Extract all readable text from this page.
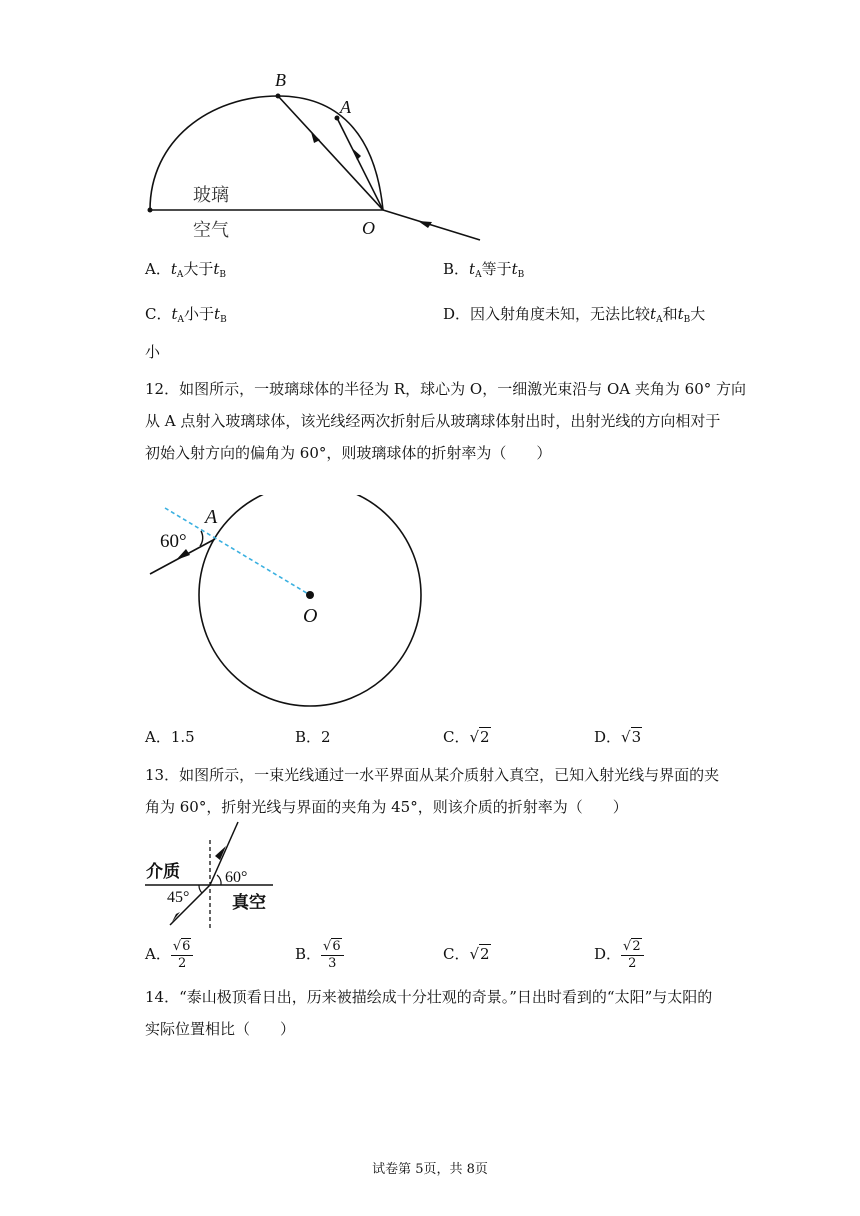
B
A
O
玻璃
空气
A．$t_A$大于$t_B$	B．$t_A$等于$t_B$
C．$t_A$小于$t_B$	D．因入射角度未知，无法比较$t_A$和$t_B$大
小
12．如图所示，一玻璃球体的半径为 R，球心为 O，一细激光束沿与 OA 夹角为 60° 方向
从 A 点射入玻璃球体，该光线经两次折射后从玻璃球体射出时，出射光线的方向相对于
初始入射方向的偏角为 60°，则玻璃球体的折射率为（　　）
A
O
60°
A．1.5	B．2	C．√2	D．√3
13．如图所示，一束光线通过一水平界面从某介质射入真空，已知入射光线与界面的夹
角为 60°，折射光线与界面的夹角为 45°，则该介质的折射率为（　　）
介质
真空
60°
45°
A． $\frac{√6}{2}$	B． $\frac{√6}{3}$	C．√2	D． $\frac{√2}{2}$
14．“泰山极顶看日出，历来被描绘成十分壮观的奇景。”日出时看到的“太阳”与太阳的
实际位置相比（　　）
试卷第 5页，共 8页
